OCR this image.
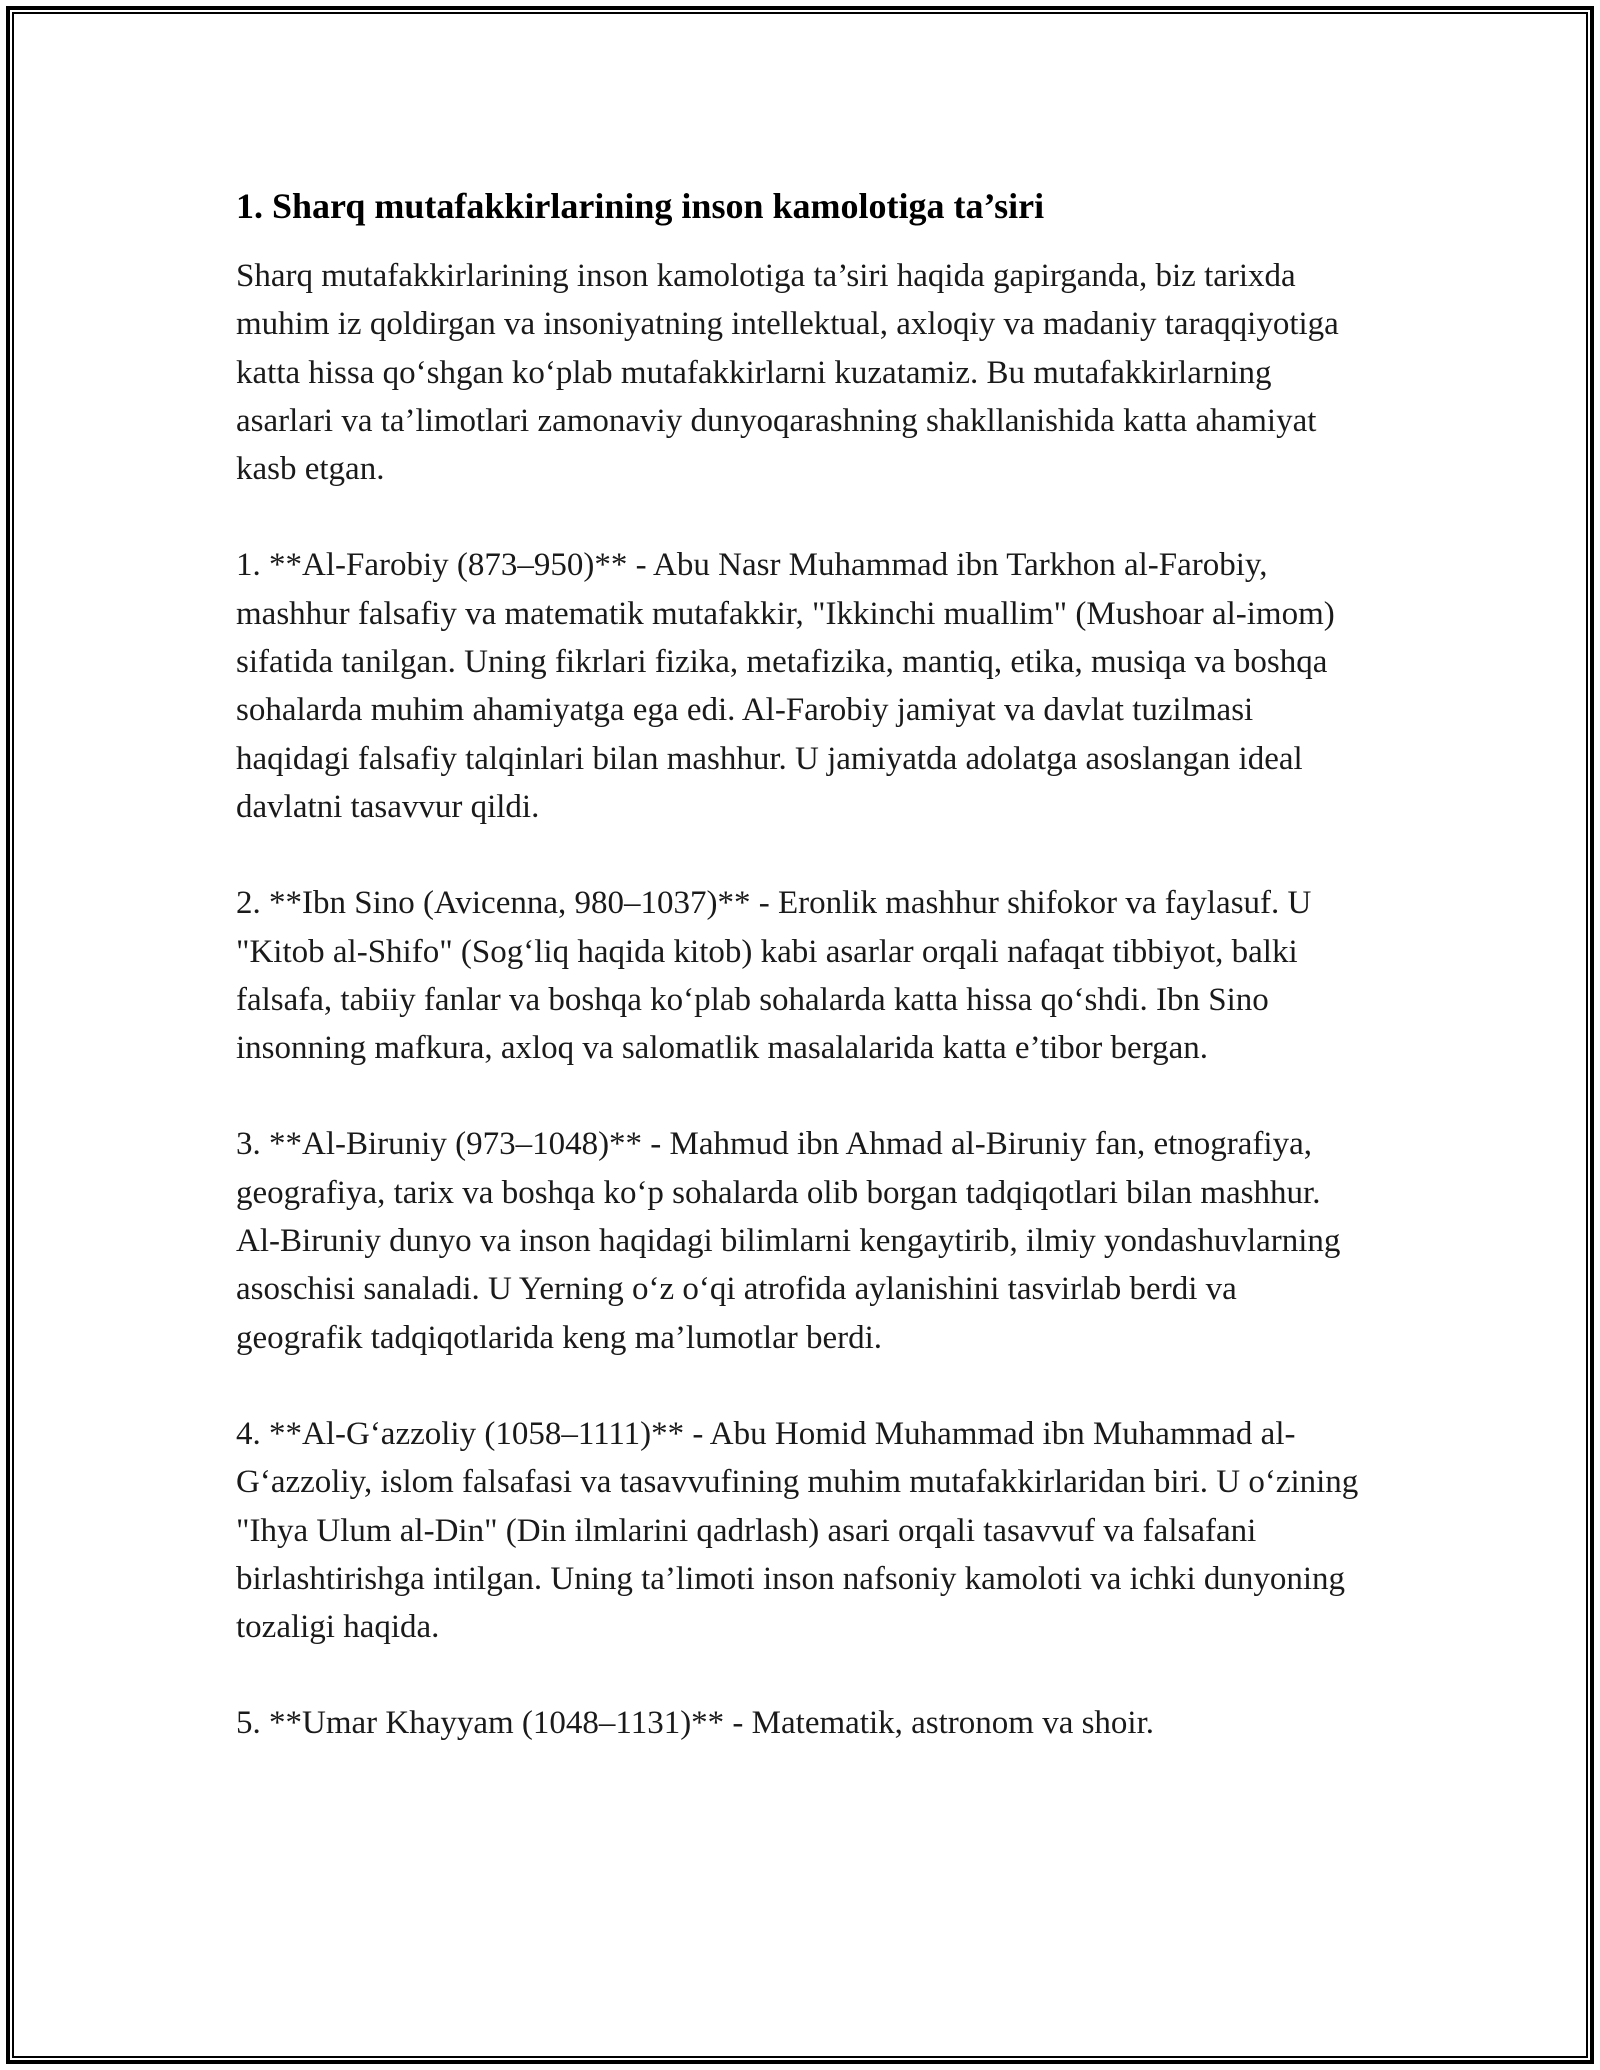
1. Sharq mutafakkirlarining inson kamolotiga ta’siri

Sharq mutafakkirlarining inson kamolotiga ta’siri haqida gapirganda, biz tarixda muhim iz qoldirgan va insoniyatning intellektual, axloqiy va madaniy taraqqiyotiga katta hissa qo‘shgan ko‘plab mutafakkirlarni kuzatamiz. Bu mutafakkirlarning asarlari va ta’limotlari zamonaviy dunyoqarashning shakllanishida katta ahamiyat kasb etgan.

1. **Al-Farobiy (873–950)** - Abu Nasr Muhammad ibn Tarkhon al-Farobiy, mashhur falsafiy va matematik mutafakkir, "Ikkinchi muallim" (Mushoar al-imom) sifatida tanilgan. Uning fikrlari fizika, metafizika, mantiq, etika, musiqa va boshqa sohalarda muhim ahamiyatga ega edi. Al-Farobiy jamiyat va davlat tuzilmasi haqidagi falsafiy talqinlari bilan mashhur. U jamiyatda adolatga asoslangan ideal davlatni tasavvur qildi.

2. **Ibn Sino (Avicenna, 980–1037)** - Eronlik mashhur shifokor va faylasuf. U "Kitob al-Shifo" (Sog‘liq haqida kitob) kabi asarlar orqali nafaqat tibbiyot, balki falsafa, tabiiy fanlar va boshqa ko‘plab sohalarda katta hissa qo‘shdi. Ibn Sino insonning mafkura, axloq va salomatlik masalalarida katta e’tibor bergan.

3. **Al-Biruniy (973–1048)** - Mahmud ibn Ahmad al-Biruniy fan, etnografiya, geografiya, tarix va boshqa ko‘p sohalarda olib borgan tadqiqotlari bilan mashhur. Al-Biruniy dunyo va inson haqidagi bilimlarni kengaytirib, ilmiy yondashuvlarning asoschisi sanaladi. U Yerning o‘z o‘qi atrofida aylanishini tasvirlab berdi va geografik tadqiqotlarida keng ma’lumotlar berdi.

4. **Al-G‘azzoliy (1058–1111)** - Abu Homid Muhammad ibn Muhammad al-G‘azzoliy, islom falsafasi va tasavvufining muhim mutafakkirlaridan biri. U o‘zining "Ihya Ulum al-Din" (Din ilmlarini qadrlash) asari orqali tasavvuf va falsafani birlashtirishga intilgan. Uning ta’limoti inson nafsoniy kamoloti va ichki dunyoning tozaligi haqida.

5. **Umar Khayyam (1048–1131)** - Matematik, astronom va shoir.
